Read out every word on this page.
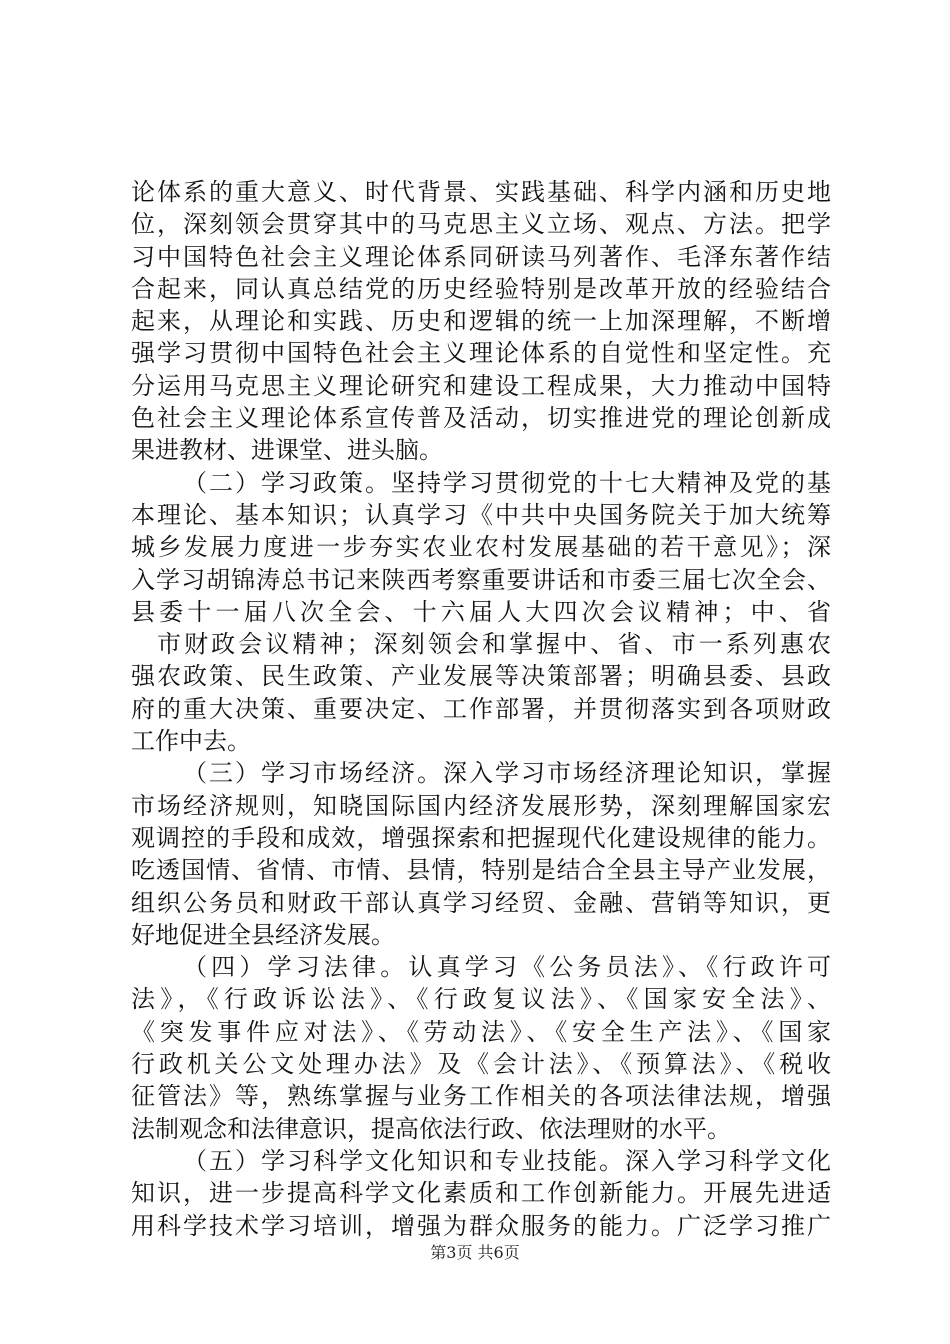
论体系的重大意义、时代背景、实践基础、科学内涵和历史地
位，深刻领会贯穿其中的马克思主义立场、观点、方法。把学
习中国特色社会主义理论体系同研读马列著作、毛泽东著作结
合起来，同认真总结党的历史经验特别是改革开放的经验结合
起来，从理论和实践、历史和逻辑的统一上加深理解，不断增
强学习贯彻中国特色社会主义理论体系的自觉性和坚定性。充
分运用马克思主义理论研究和建设工程成果，大力推动中国特
色社会主义理论体系宣传普及活动，切实推进党的理论创新成
果进教材、进课堂、进头脑。
（二）学习政策。坚持学习贯彻党的十七大精神及党的基
本理论、基本知识；认真学习《中共中央国务院关于加大统筹
城乡发展力度进一步夯实农业农村发展基础的若干意见》；深
入学习胡锦涛总书记来陕西考察重要讲话和市委三届七次全会、
县委十一届八次全会、十六届人大四次会议精神；中、省
市财政会议精神；深刻领会和掌握中、省、市一系列惠农
强农政策、民生政策、产业发展等决策部署；明确县委、县政
府的重大决策、重要决定、工作部署，并贯彻落实到各项财政
工作中去。
（三）学习市场经济。深入学习市场经济理论知识，掌握
市场经济规则，知晓国际国内经济发展形势，深刻理解国家宏
观调控的手段和成效，增强探索和把握现代化建设规律的能力。
吃透国情、省情、市情、县情，特别是结合全县主导产业发展，
组织公务员和财政干部认真学习经贸、金融、营销等知识，更
好地促进全县经济发展。
（四）学习法律。认真学习《公务员法》、《行政许可
法》，《行政诉讼法》、《行政复议法》、《国家安全法》、
《突发事件应对法》、《劳动法》、《安全生产法》、《国家
行政机关公文处理办法》及《会计法》、《预算法》、《税收
征管法》等，熟练掌握与业务工作相关的各项法律法规，增强
法制观念和法律意识，提高依法行政、依法理财的水平。
（五）学习科学文化知识和专业技能。深入学习科学文化
知识，进一步提高科学文化素质和工作创新能力。开展先进适
用科学技术学习培训，增强为群众服务的能力。广泛学习推广
第3页 共6页
